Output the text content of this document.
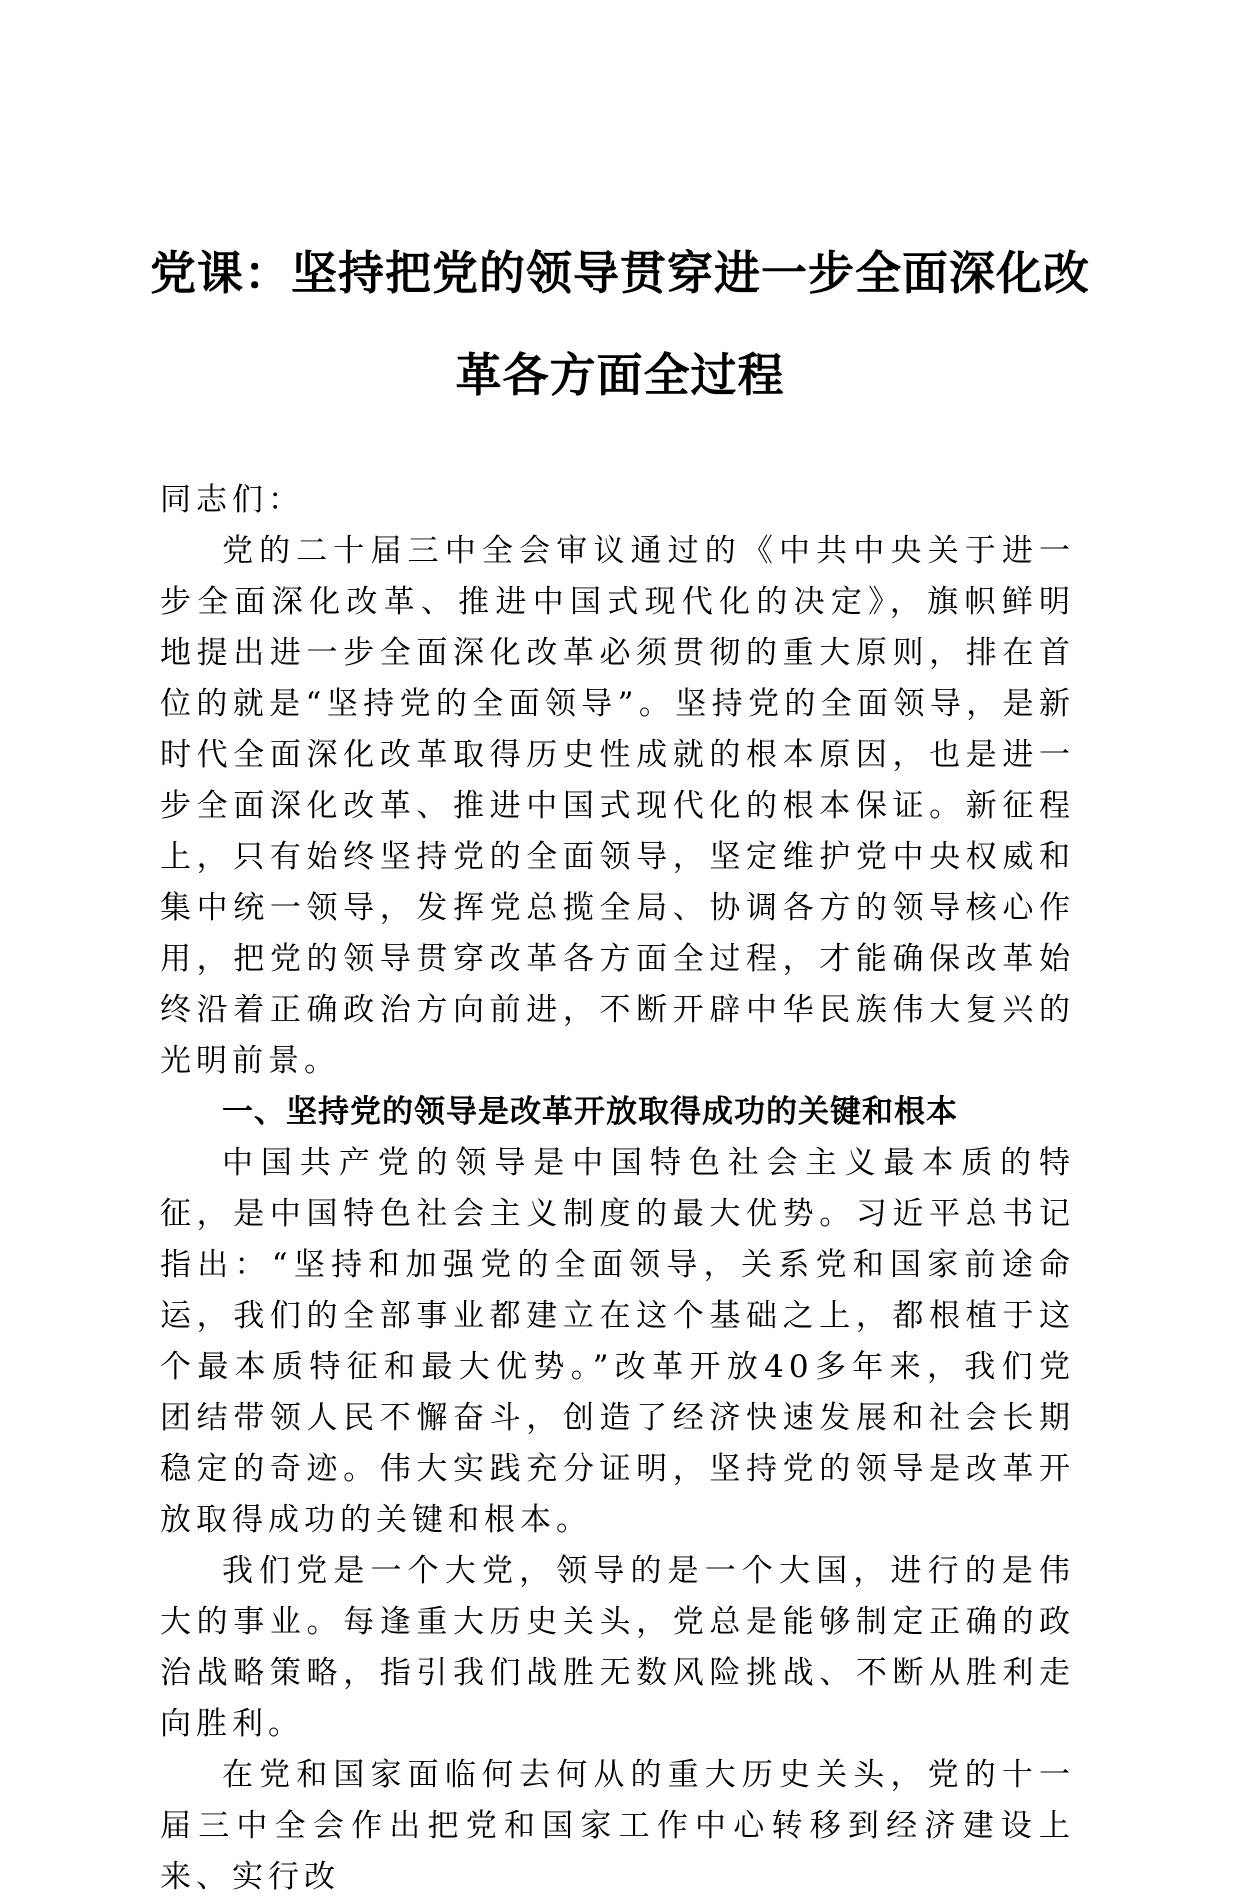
党课：坚持把党的领导贯穿进一步全面深化改
革各方面全过程

同志们：

党的二十届三中全会审议通过的《中共中央关于进一步全面深化改革、推进中国式现代化的决定》，旗帜鲜明地提出进一步全面深化改革必须贯彻的重大原则，排在首位的就是“坚持党的全面领导”。坚持党的全面领导，是新时代全面深化改革取得历史性成就的根本原因，也是进一步全面深化改革、推进中国式现代化的根本保证。新征程上，只有始终坚持党的全面领导，坚定维护党中央权威和集中统一领导，发挥党总揽全局、协调各方的领导核心作用，把党的领导贯穿改革各方面全过程，才能确保改革始终沿着正确政治方向前进，不断开辟中华民族伟大复兴的光明前景。

一、坚持党的领导是改革开放取得成功的关键和根本

中国共产党的领导是中国特色社会主义最本质的特征，是中国特色社会主义制度的最大优势。习近平总书记指出：“坚持和加强党的全面领导，关系党和国家前途命运，我们的全部事业都建立在这个基础之上，都根植于这个最本质特征和最大优势。”改革开放40多年来，我们党团结带领人民不懈奋斗，创造了经济快速发展和社会长期稳定的奇迹。伟大实践充分证明，坚持党的领导是改革开放取得成功的关键和根本。

我们党是一个大党，领导的是一个大国，进行的是伟大的事业。每逢重大历史关头，党总是能够制定正确的政治战略策略，指引我们战胜无数风险挑战、不断从胜利走向胜利。

在党和国家面临何去何从的重大历史关头，党的十一届三中全会作出把党和国家工作中心转移到经济建设上来、实行改
